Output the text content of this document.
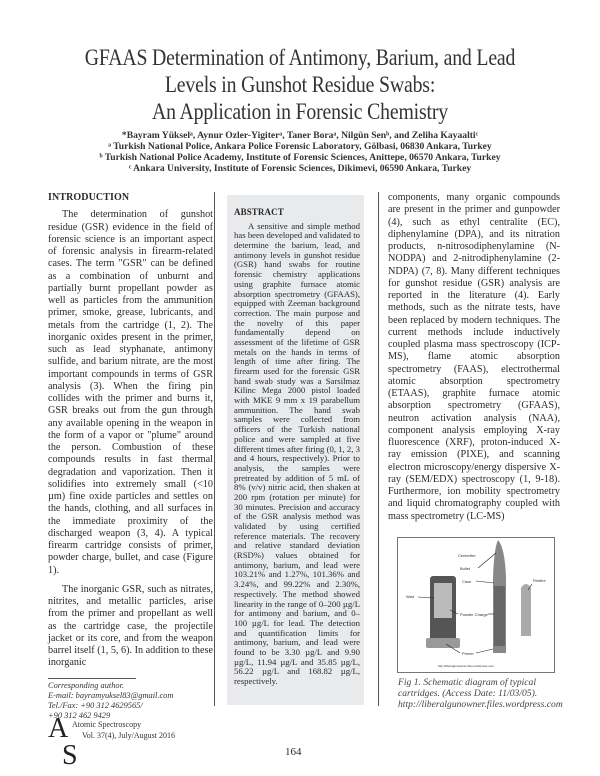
GFAAS Determination of Antimony, Barium, and Lead
Levels in Gunshot Residue Swabs:
An Application in Forensic Chemistry
*Bayram Yükselᵃ, Aynur Ozler-Yigiterᵃ, Taner Boraᵃ, Nilgün Senᵇ, and Zeliha Kayaaltiᶜ
ᵃ Turkish National Police, Ankara Police Forensic Laboratory, Gölbasi, 06830 Ankara, Turkey
ᵇ Turkish National Police Academy, Institute of Forensic Sciences, Anittepe, 06570 Ankara, Turkey
ᶜ Ankara University, Institute of Forensic Sciences, Dikimevi, 06590 Ankara, Turkey
INTRODUCTION

The determination of gunshot residue (GSR) evidence in the field of forensic science is an important aspect of forensic analysis in firearm-related cases. The term "GSR" can be defined as a combination of unburnt and partially burnt propellant powder as well as particles from the ammunition primer, smoke, grease, lubricants, and metals from the cartridge (1, 2). The inorganic oxides present in the primer, such as lead styphanate, antimony sulfide, and barium nitrate, are the most important compounds in terms of GSR analysis (3). When the firing pin collides with the primer and burns it, GSR breaks out from the gun through any available opening in the weapon in the form of a vapor or "plume" around the person. Combustion of these compounds results in fast thermal degradation and vaporization. Then it solidifies into extremely small (<10 µm) fine oxide particles and settles on the hands, clothing, and all surfaces in the immediate proximity of the discharged weapon (3, 4). A typical firearm cartridge consists of primer, powder charge, bullet, and case (Figure 1).

The inorganic GSR, such as nitrates, nitrites, and metallic particles, arise from the primer and propellant as well as the cartridge case, the projectile jacket or its core, and from the weapon barrel itself (1, 5, 6). In addition to these inorganic

Corresponding author.
E-mail: bayramyuksel83@gmail.com
Tel./Fax: +90 312 4629565/
+90 312 462 9429
ABSTRACT

A sensitive and simple method has been developed and validated to determine the barium, lead, and antimony levels in gunshot residue (GSR) hand swabs for routine forensic chemistry applications using graphite furnace atomic absorption spectrometry (GFAAS), equipped with Zeeman background correction. The main purpose and the novelty of this paper fundamentally depend on assessment of the lifetime of GSR metals on the hands in terms of length of time after firing. The firearm used for the forensic GSR hand swab study was a Sarsilmaz Kilinc Mega 2000 pistol loaded with MKE 9 mm x 19 parabellum ammunition. The hand swab samples were collected from officers of the Turkish national police and were sampled at five different times after firing (0, 1, 2, 3 and 4 hours, respectively). Prior to analysis, the samples were pretreated by addition of 5 mL of 8% (v/v) nitric acid, then shaken at 200 rpm (rotation per minute) for 30 minutes. Precision and accuracy of the GSR analysis method was validated by using certified reference materials. The recovery and relative standard deviation (RSD%) values obtained for antimony, barium, and lead were 103.21% and 1.27%, 101.36% and 3.24%, and 99.22% and 2.30%, respectively. The method showed linearity in the range of 0–200 µg/L for antimony and barium, and 0–100 µg/L for lead. The detection and quantification limits for antimony, barium, and lead were found to be 3.30 µg/L and 9.90 µg/L, 11.94 µg/L and 35.85 µg/L, 56.22 µg/L and 168.82 µg/L, respectively.

components, many organic compounds are present in the primer and gunpowder (4), such as ethyl centralite (EC), diphenylamine (DPA), and its nitration products, n-nitrosodiphenylamine (N-NODPA) and 2-nitrodiphenylamine (2-NDPA) (7, 8). Many different techniques for gunshot residue (GSR) analysis are reported in the literature (4). Early methods, such as the nitrate tests, have been replaced by modern techniques. The current methods include inductively coupled plasma mass spectroscopy (ICP-MS), flame atomic absorption spectrometry (FAAS), electrothermal atomic absorption spectrometry (ETAAS), graphite furnace atomic absorption spectrometry (GFAAS), neutron activation analysis (NAA), component analysis employing X-ray fluorescence (XRF), proton-induced X-ray emission (PIXE), and scanning electron microscopy/energy dispersive X-ray (SEM/EDX) spectroscopy (1, 9-18). Furthermore, ion mobility spectrometry and liquid chromatography coupled with mass spectrometry (LC-MS)

Centerfire
Bullet
Case	Rimfire
Wad
Powder Charge
Primer
http://liberalgunowner.files.wordpress.com
Fig 1. Schematic diagram of typical cartridges. (Access Date: 11/03/05). http://liberalgunowner.files.wordpress.com
164
A
S
Atomic Spectroscopy
Vol. 37(4), July/August 2016
